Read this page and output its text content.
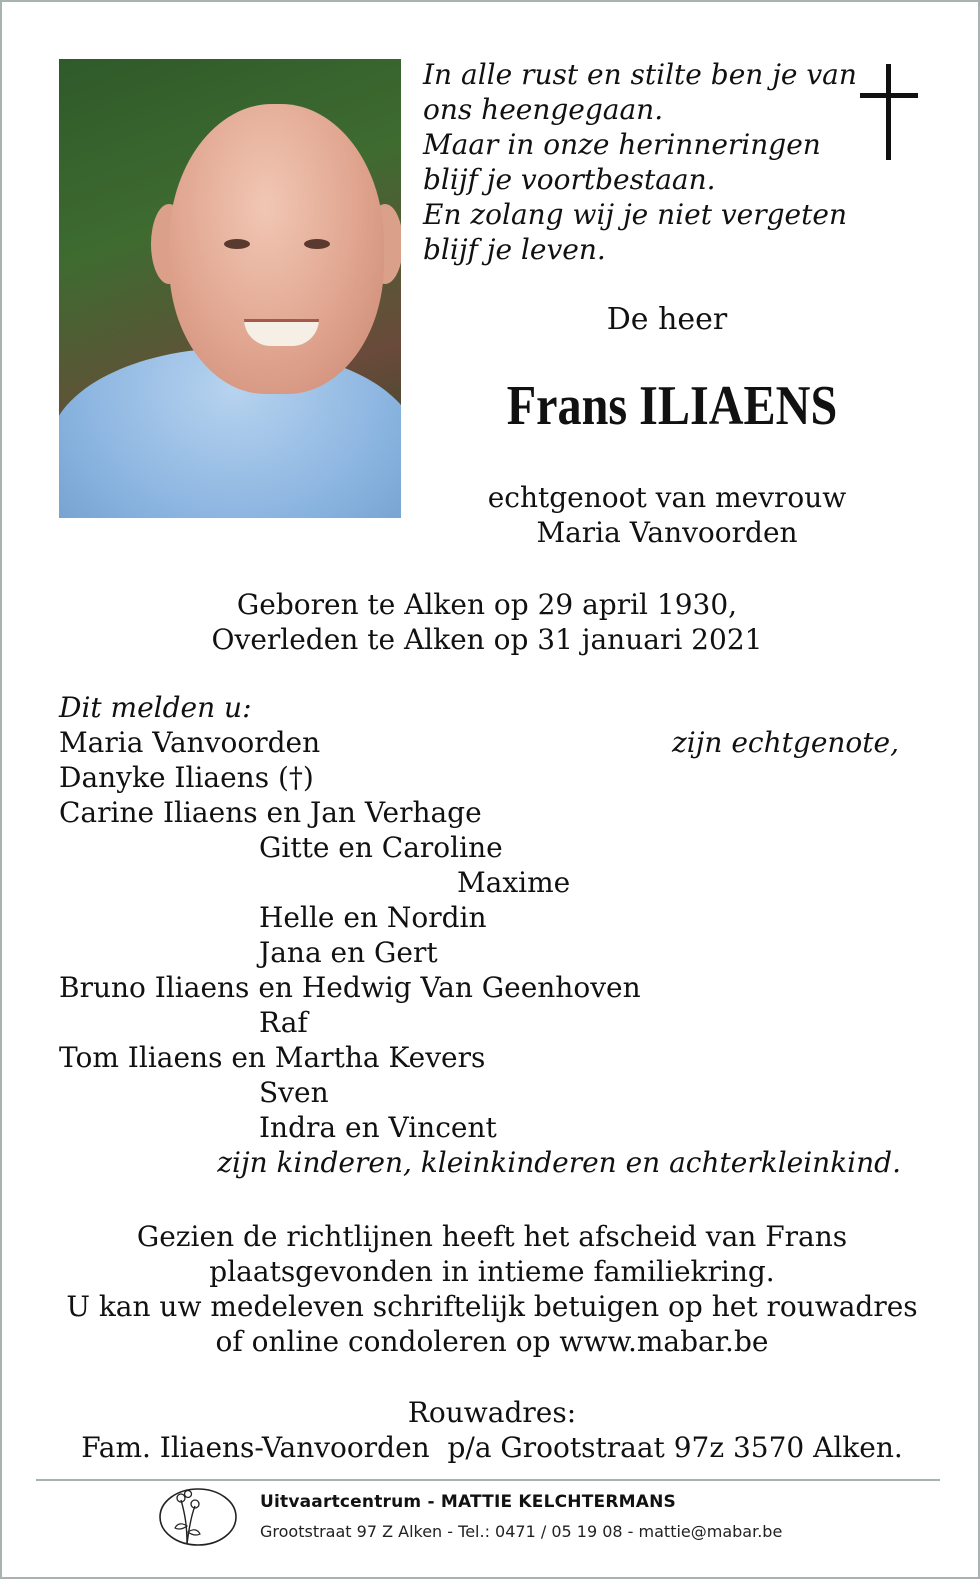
In alle rust en stilte ben je van
ons heengegaan.
Maar in onze herinneringen
blijf je voortbestaan.
En zolang wij je niet vergeten
blijf je leven.
De heer
Frans ILIAENS
echtgenoot van mevrouw
Maria Vanvoorden
Geboren te Alken op 29 april 1930,
Overleden te Alken op 31 januari 2021
Dit melden u:
Maria Vanvoorden	zijn echtgenote,
Danyke Iliaens (†)
Carine Iliaens en Jan Verhage
Gitte en Caroline
Maxime
Helle en Nordin
Jana en Gert
Bruno Iliaens en Hedwig Van Geenhoven
Raf
Tom Iliaens en Martha Kevers
Sven
Indra en Vincent
zijn kinderen, kleinkinderen en achterkleinkind.
Gezien de richtlijnen heeft het afscheid van Frans
plaatsgevonden in intieme familiekring.
U kan uw medeleven schriftelijk betuigen op het rouwadres
of online condoleren op www.mabar.be
Rouwadres:
Fam. Iliaens-Vanvoorden  p/a Grootstraat 97z 3570 Alken.
Uitvaartcentrum - MATTIE KELCHTERMANS
Grootstraat 97 Z Alken - Tel.: 0471 / 05 19 08 - mattie@mabar.be
